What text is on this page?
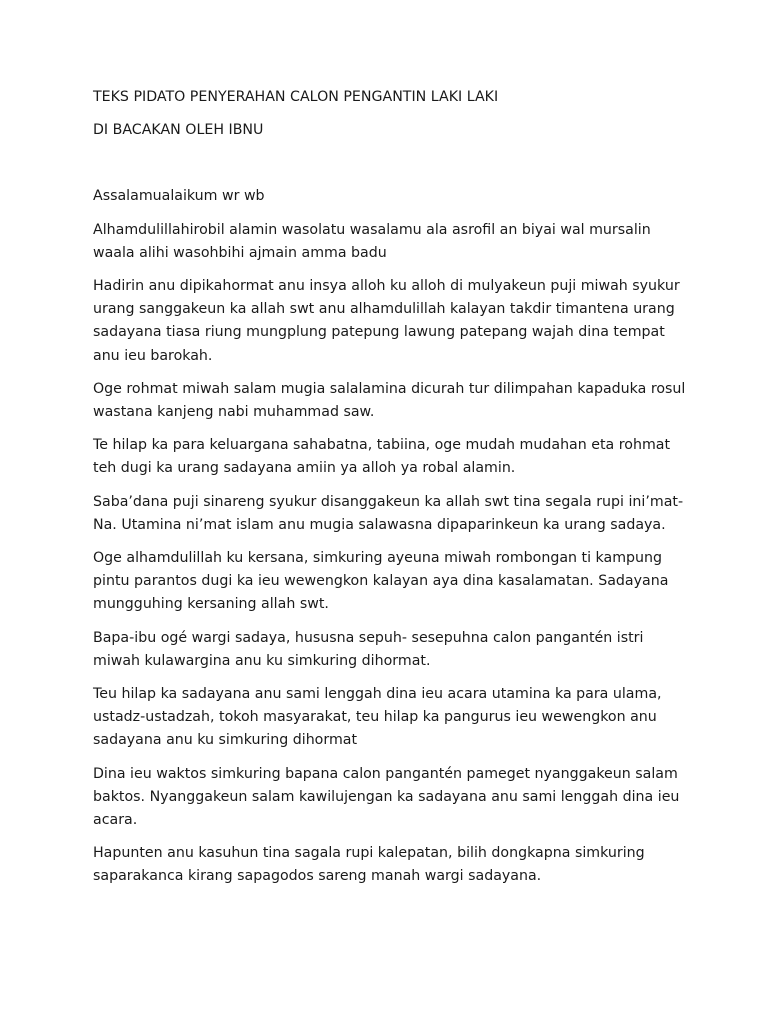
TEKS PIDATO PENYERAHAN CALON PENGANTIN LAKI LAKI

DI BACAKAN OLEH IBNU

Assalamualaikum wr wb

Alhamdulillahirobil alamin wasolatu wasalamu ala asrofil an biyai wal mursalin waala alihi wasohbihi ajmain amma badu

Hadirin anu dipikahormat anu insya alloh ku alloh di mulyakeun puji miwah syukur urang sanggakeun ka allah swt anu alhamdulillah kalayan takdir timantena urang sadayana tiasa riung mungplung patepung lawung patepang wajah dina tempat anu ieu barokah.

Oge rohmat miwah salam mugia salalamina dicurah tur dilimpahan kapaduka rosul wastana kanjeng nabi muhammad saw.

Te hilap ka para keluargana sahabatna, tabiina, oge mudah mudahan eta rohmat teh dugi ka urang sadayana amiin ya alloh ya robal alamin.

Saba’dana puji sinareng syukur disanggakeun ka allah swt tina segala rupi ini’mat-Na. Utamina ni’mat islam anu mugia salawasna dipaparinkeun ka urang sadaya.

Oge alhamdulillah ku kersana, simkuring ayeuna miwah rombongan ti kampung pintu parantos dugi ka ieu wewengkon kalayan aya dina kasalamatan. Sadayana mungguhing kersaning allah swt.

Bapa-ibu ogé wargi sadaya, hususna sepuh- sesepuhna calon pangantén istri miwah kulawargina anu ku simkuring dihormat.

Teu hilap ka sadayana anu sami lenggah dina ieu acara utamina ka para ulama, ustadz-ustadzah, tokoh masyarakat, teu hilap ka pangurus ieu wewengkon anu sadayana anu ku simkuring dihormat

Dina ieu waktos simkuring bapana calon pangantén pameget nyanggakeun salam baktos. Nyanggakeun salam kawilujengan ka sadayana anu sami lenggah dina ieu acara.

Hapunten anu kasuhun tina sagala rupi kalepatan, bilih dongkapna simkuring saparakanca kirang sapagodos sareng manah wargi sadayana.
